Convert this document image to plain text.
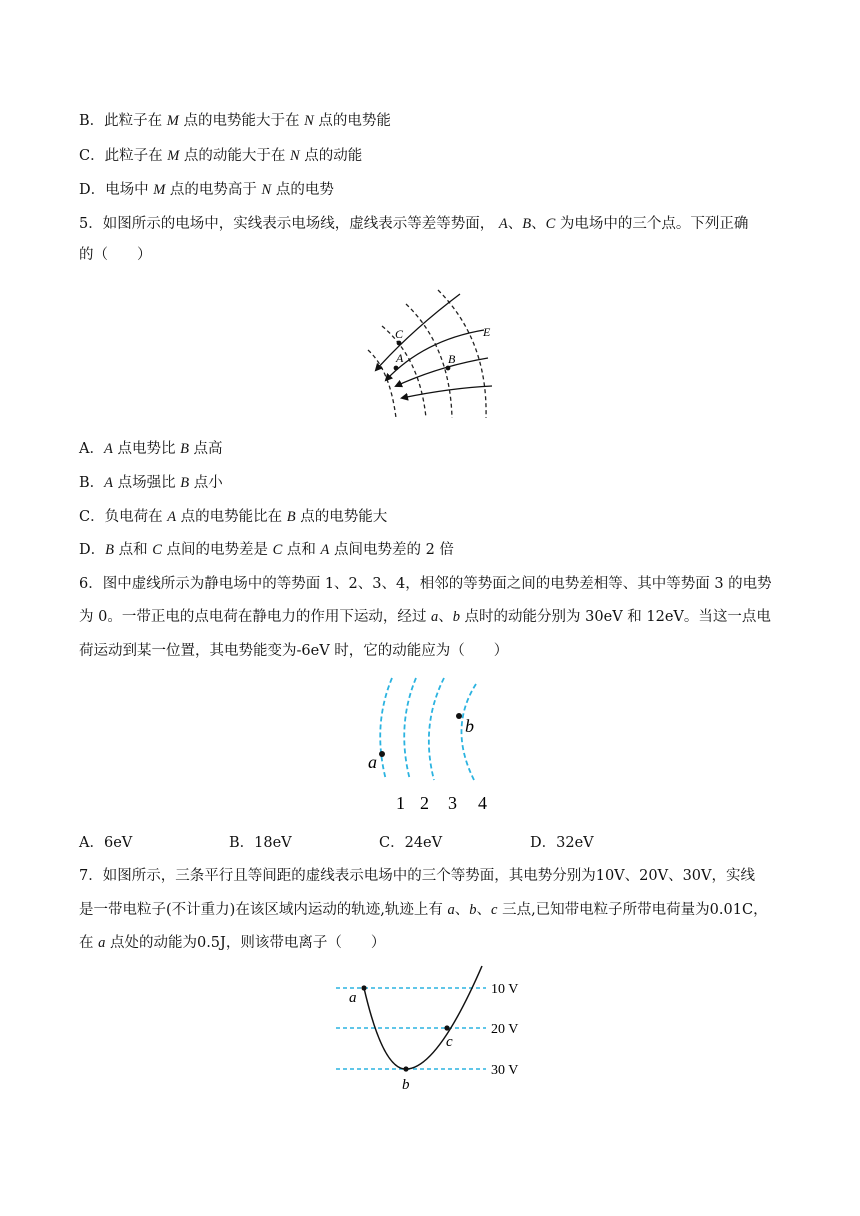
B．此粒子在 M 点的电势能大于在 N 点的电势能
C．此粒子在 M 点的动能大于在 N 点的动能
D．电场中 M 点的电势高于 N 点的电势
5．如图所示的电场中，实线表示电场线，虚线表示等差等势面， A、B、C 为电场中的三个点。下列正确
的（　　）
C
A	B
E
A．A 点电势比 B 点高
B．A 点场强比 B 点小
C．负电荷在 A 点的电势能比在 B 点的电势能大
D．B 点和 C 点间的电势差是 C 点和 A 点间电势差的 2 倍
6．图中虚线所示为静电场中的等势面 1、2、3、4，相邻的等势面之间的电势差相等、其中等势面 3 的电势
为 0。一带正电的点电荷在静电力的作用下运动，经过 a、b 点时的动能分别为 30eV 和 12eV。当这一点电
荷运动到某一位置，其电势能变为-6eV 时，它的动能应为（　　）
a
b
1 2 3 4
A．6eV	B．18eV	C．24eV	D．32eV
7．如图所示，三条平行且等间距的虚线表示电场中的三个等势面，其电势分别为10V、20V、30V，实线
是一带电粒子(不计重力)在该区域内运动的轨迹,轨迹上有 a、b、c 三点,已知带电粒子所带电荷量为0.01C，
在 a 点处的动能为0.5J，则该带电离子（　　）
a
b
c
10 V
20 V
30 V
